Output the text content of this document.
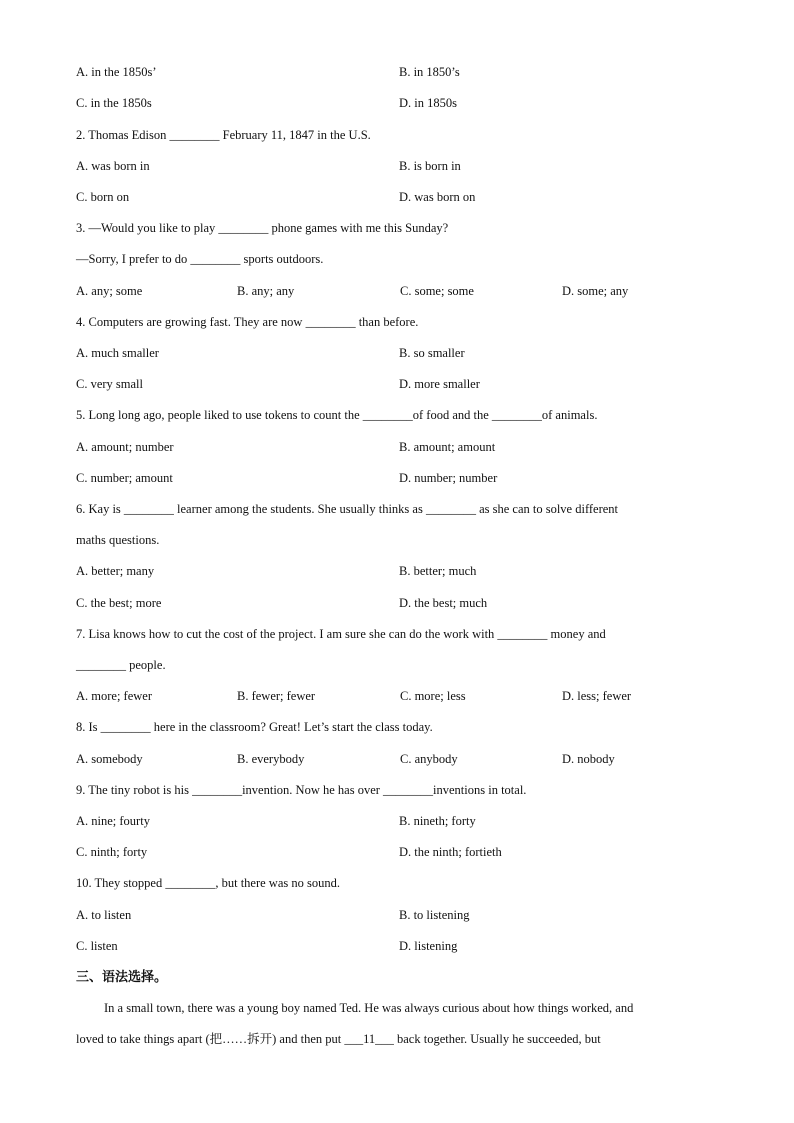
A. in the 1850s’	B. in 1850’s
C. in the 1850s	D. in 1850s
2. Thomas Edison ________ February 11, 1847 in the U.S.
A. was born in	B. is born in
C. born on	D. was born on
3. —Would you like to play ________ phone games with me this Sunday?
—Sorry, I prefer to do ________ sports outdoors.
A. any; some	B. any; any	C. some; some	D. some; any
4. Computers are growing fast. They are now ________ than before.
A. much smaller	B. so smaller
C. very small	D. more smaller
5. Long long ago, people liked to use tokens to count the ________of food and the ________of animals.
A. amount; number	B. amount; amount
C. number; amount	D. number; number
6. Kay is ________ learner among the students. She usually thinks as ________ as she can to solve different
maths questions.
A. better; many	B. better; much
C. the best; more	D. the best; much
7. Lisa knows how to cut the cost of the project. I am sure she can do the work with ________ money and
________ people.
A. more; fewer	B. fewer; fewer	C. more; less	D. less; fewer
8. Is ________ here in the classroom? Great! Let’s start the class today.
A. somebody	B. everybody	C. anybody	D. nobody
9. The tiny robot is his ________invention. Now he has over ________inventions in total.
A. nine; fourty	B. nineth; forty
C. ninth; forty	D. the ninth; fortieth
10. They stopped ________, but there was no sound.
A. to listen	B. to listening
C. listen	D. listening
三、语法选择。
In a small town, there was a young boy named Ted. He was always curious about how things worked, and
loved to take things apart (把……拆开) and then put ___11___ back together. Usually he succeeded, but
